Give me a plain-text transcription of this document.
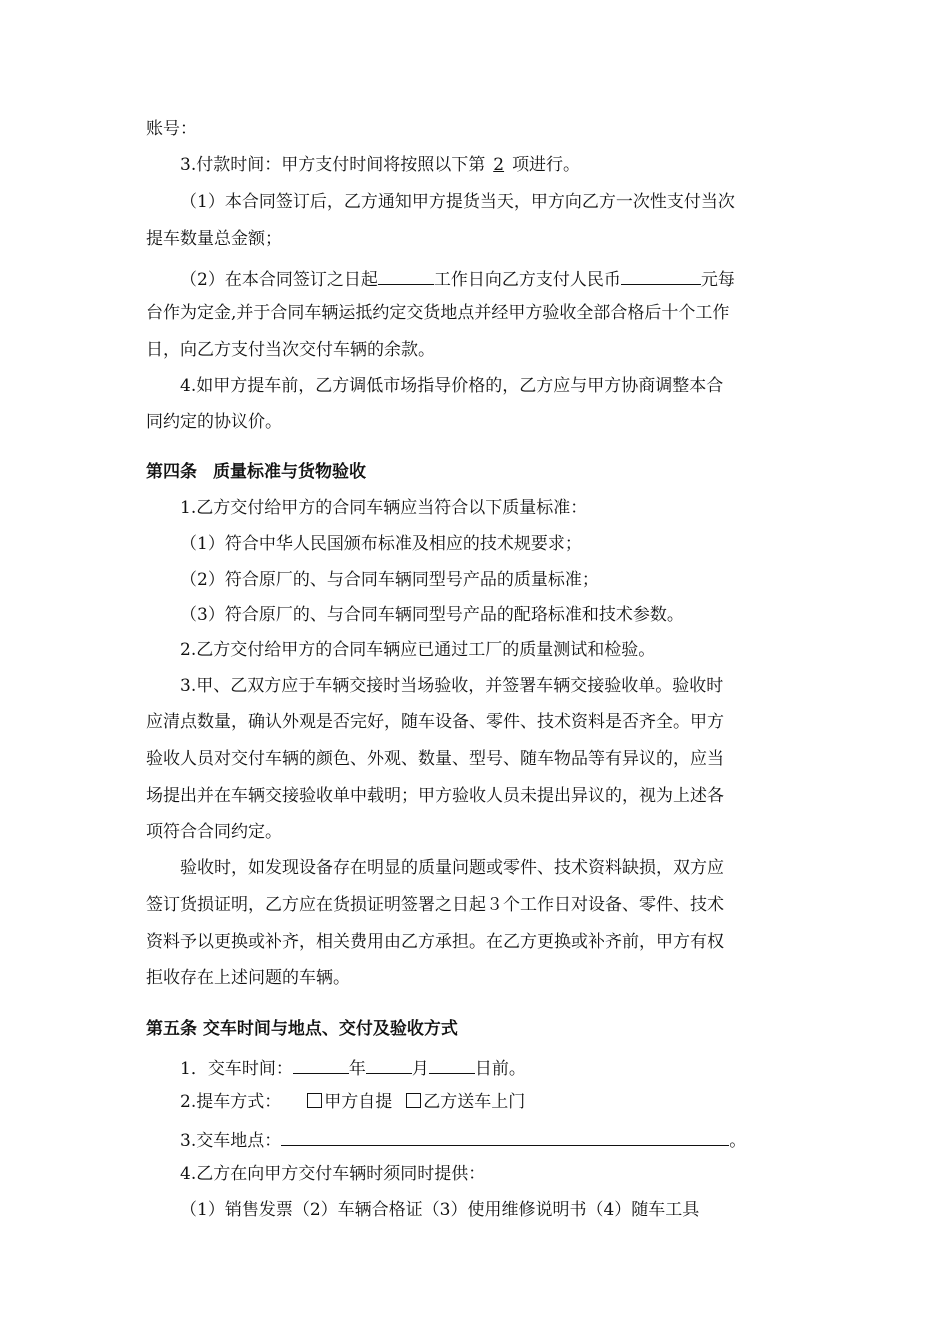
账号：
3.付款时间：甲方支付时间将按照以下第 2 项进行。
（1）本合同签订后，乙方通知甲方提货当天，甲方向乙方一次性支付当次
提车数量总金额；
（2）在本合同签订之日起	工作日向乙方支付人民币	元每
台作为定金,并于合同车辆运抵约定交货地点并经甲方验收全部合格后十个工作
日，向乙方支付当次交付车辆的余款。
4.如甲方提车前，乙方调低市场指导价格的，乙方应与甲方协商调整本合
同约定的协议价。
第四条 质量标准与货物验收
1.乙方交付给甲方的合同车辆应当符合以下质量标准：
（1）符合中华人民国颁布标准及相应的技术规要求；
（2）符合原厂的、与合同车辆同型号产品的质量标准；
（3）符合原厂的、与合同车辆同型号产品的配珞标准和技术参数。
2.乙方交付给甲方的合同车辆应已通过工厂的质量测试和检验。
3.甲、乙双方应于车辆交接时当场验收，并签署车辆交接验收单。验收时
应清点数量，确认外观是否完好，随车设备、零件、技术资料是否齐全。甲方
验收人员对交付车辆的颜色、外观、数量、型号、随车物品等有异议的，应当
场提出并在车辆交接验收单中载明；甲方验收人员未提出异议的，视为上述各
项符合合同约定。
验收时，如发现设备存在明显的质量问题或零件、技术资料缺损，双方应
签订货损证明，乙方应在货损证明签署之日起３个工作日对设备、零件、技术
资料予以更换或补齐，相关费用由乙方承担。在乙方更换或补齐前，甲方有权
拒收存在上述问题的车辆。
第五条 交车时间与地点、交付及验收方式
1．交车时间：	年	月	日前。
2.提车方式：	甲方自提 乙方送车上门
3.交车地点：	。
4.乙方在向甲方交付车辆时须同时提供：
（1）销售发票（2）车辆合格证（3）使用维修说明书（4）随车工具
